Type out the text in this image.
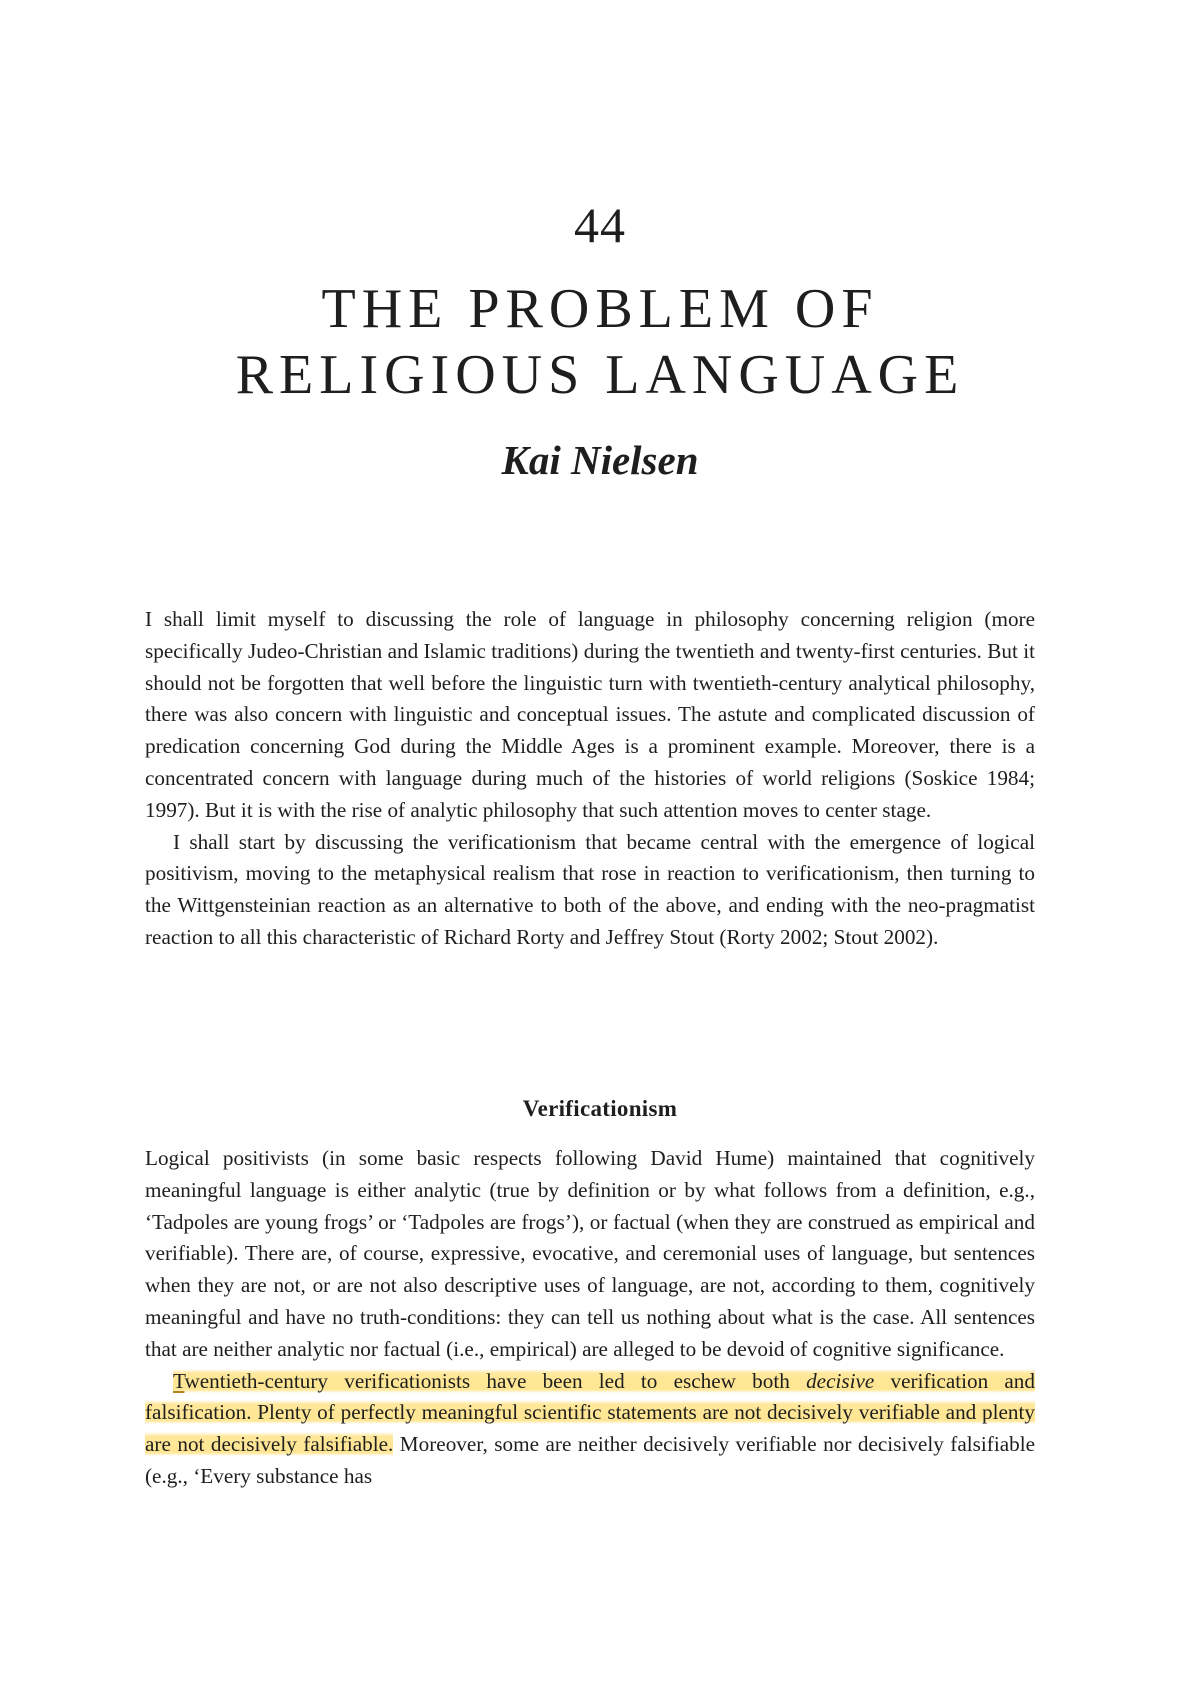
44
THE PROBLEM OF
RELIGIOUS LANGUAGE
Kai Nielsen

I shall limit myself to discussing the role of language in philosophy concerning religion (more specifically Judeo-Christian and Islamic traditions) during the twentieth and twenty-first centuries. But it should not be forgotten that well before the linguistic turn with twentieth-century analytical philosophy, there was also concern with linguistic and conceptual issues. The astute and complicated discussion of predication concerning God during the Middle Ages is a prominent example. Moreover, there is a concentrated concern with language during much of the histories of world religions (Soskice 1984; 1997). But it is with the rise of analytic philosophy that such attention moves to center stage.

I shall start by discussing the verificationism that became central with the emergence of logical positivism, moving to the metaphysical realism that rose in reaction to verificationism, then turning to the Wittgensteinian reaction as an alternative to both of the above, and ending with the neo-pragmatist reaction to all this characteristic of Richard Rorty and Jeffrey Stout (Rorty 2002; Stout 2002).

Verificationism

Logical positivists (in some basic respects following David Hume) maintained that cognitively meaningful language is either analytic (true by definition or by what follows from a definition, e.g., ‘Tadpoles are young frogs’ or ‘Tadpoles are frogs’), or factual (when they are construed as empirical and verifiable). There are, of course, expressive, evocative, and ceremonial uses of language, but sentences when they are not, or are not also descriptive uses of language, are not, according to them, cognitively meaningful and have no truth-conditions: they can tell us nothing about what is the case. All sentences that are neither analytic nor factual (i.e., empirical) are alleged to be devoid of cognitive significance.

Twentieth-century verificationists have been led to eschew both decisive verification and falsification. Plenty of perfectly meaningful scientific statements are not decisively verifiable and plenty are not decisively falsifiable. Moreover, some are neither decisively verifiable nor decisively falsifiable (e.g., ‘Every substance has
